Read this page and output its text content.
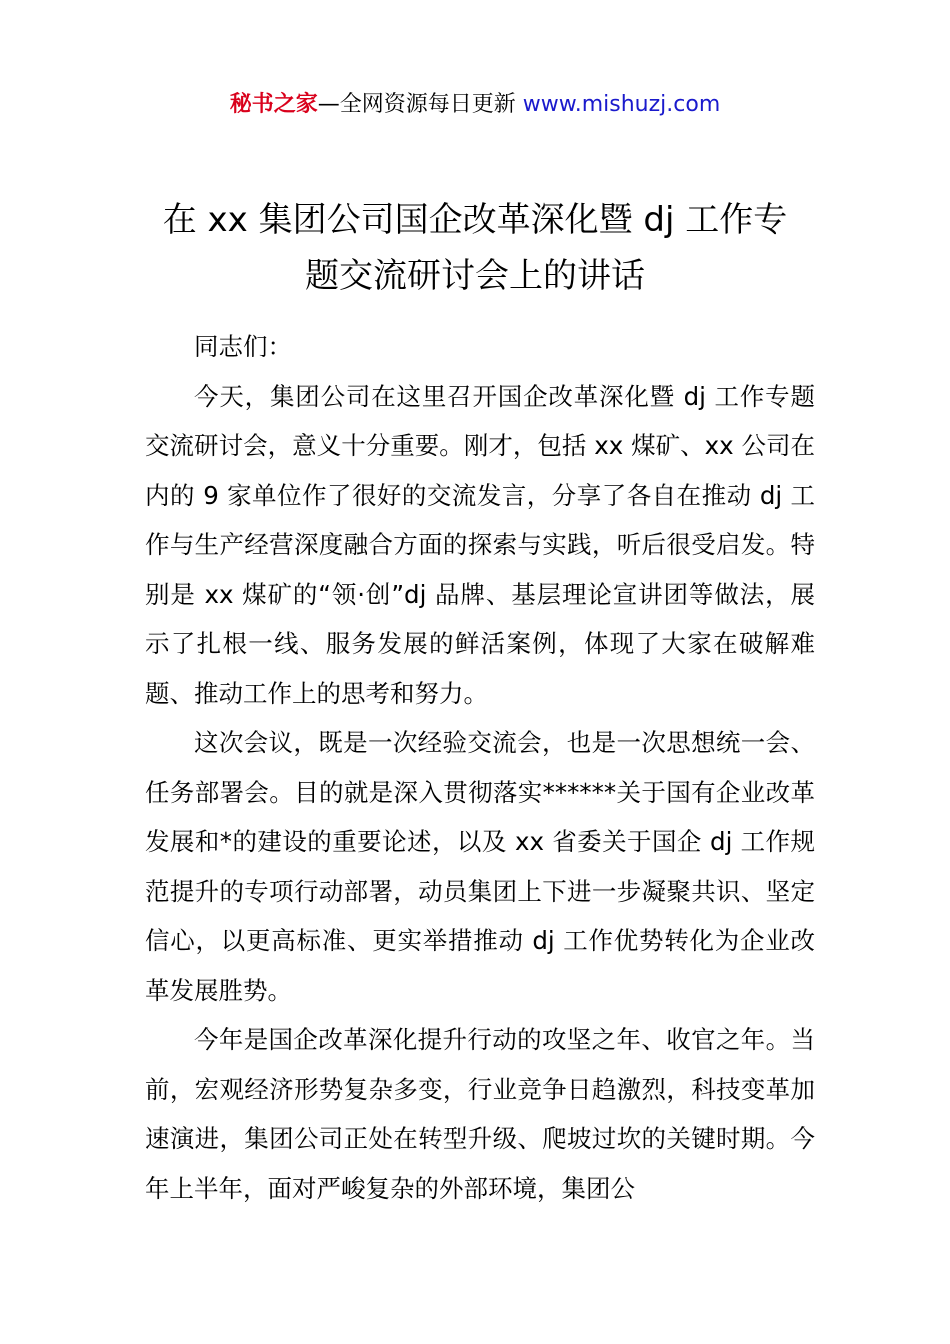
秘书之家—全网资源每日更新 www.mishuzj.com
在 xx 集团公司国企改革深化暨 dj 工作专
题交流研讨会上的讲话

同志们：

今天，集团公司在这里召开国企改革深化暨 dj 工作专题交流研讨会，意义十分重要。刚才，包括 xx 煤矿、xx 公司在内的 9 家单位作了很好的交流发言，分享了各自在推动 dj 工作与生产经营深度融合方面的探索与实践，听后很受启发。特别是 xx 煤矿的“领·创”dj 品牌、基层理论宣讲团等做法，展示了扎根一线、服务发展的鲜活案例，体现了大家在破解难题、推动工作上的思考和努力。

这次会议，既是一次经验交流会，也是一次思想统一会、任务部署会。目的就是深入贯彻落实******关于国有企业改革发展和*的建设的重要论述，以及 xx 省委关于国企 dj 工作规范提升的专项行动部署，动员集团上下进一步凝聚共识、坚定信心，以更高标准、更实举措推动 dj 工作优势转化为企业改革发展胜势。

今年是国企改革深化提升行动的攻坚之年、收官之年。当前，宏观经济形势复杂多变，行业竞争日趋激烈，科技变革加速演进，集团公司正处在转型升级、爬坡过坎的关键时期。今年上半年，面对严峻复杂的外部环境，集团公
